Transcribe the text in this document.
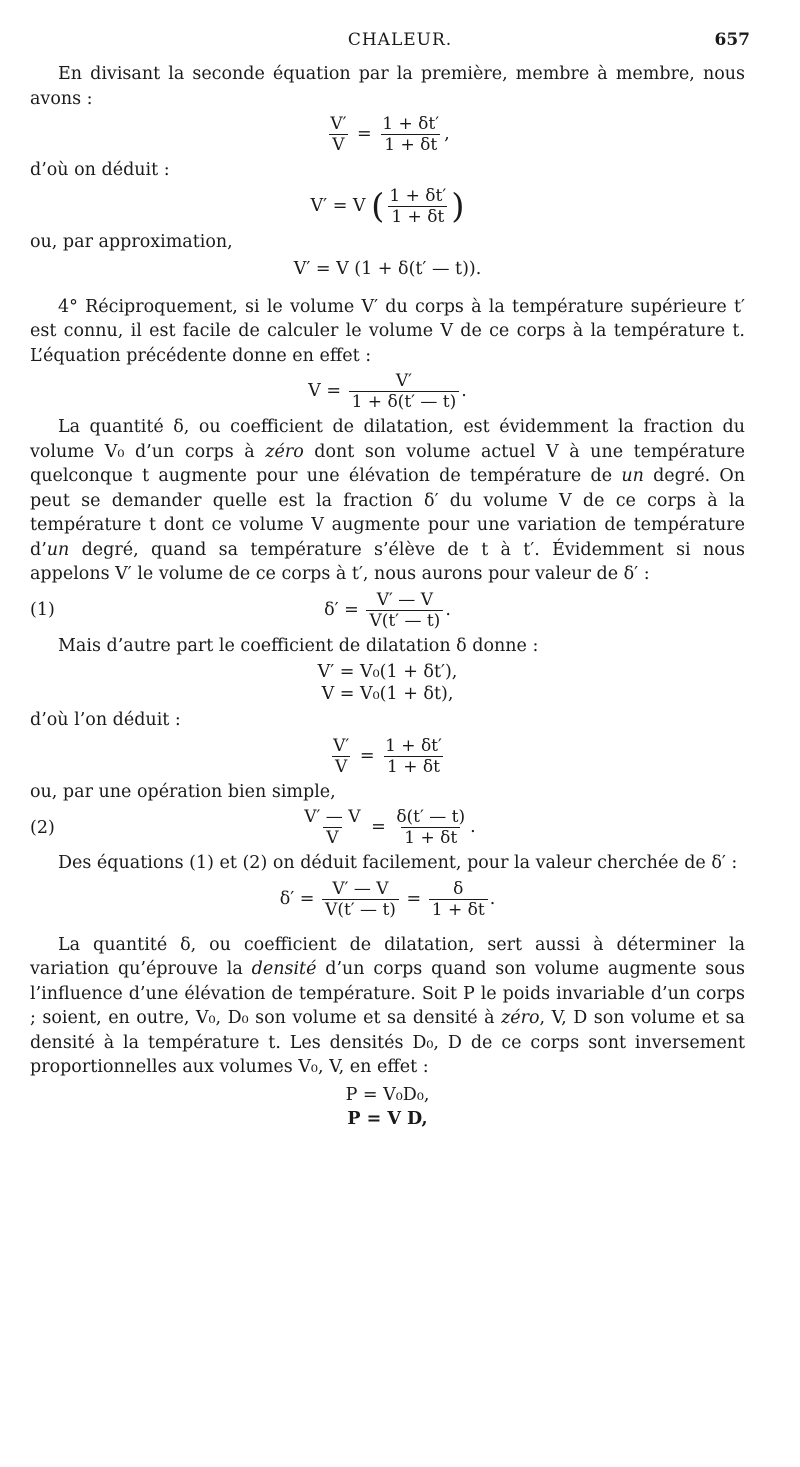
CHALEUR.	657

En divisant la seconde équation par la première, membre à membre, nous avons :

$\frac{V'}{V} = \frac{1 + \delta t'}{1 + \delta t}$ ,

d’où on déduit :

V′ = V ( $\frac{1 + \delta t'}{1 + \delta t}$ )

ou, par approximation,

V′ = V (1 + δ(t′ — t)).

4° Réciproquement, si le volume V′ du corps à la température supérieure t′ est connu, il est facile de calculer le volume V de ce corps à la température t. L’équation précédente donne en effet :

$V = \frac{V'}{1 + \delta(t' — t)}$ .

La quantité δ, ou coefficient de dilatation, est évidemment la fraction du volume V₀ d’un corps à zéro dont son volume actuel V à une température quelconque t augmente pour une élévation de température de un degré. On peut se demander quelle est la fraction δ′ du volume V de ce corps à la température t dont ce volume V augmente pour une variation de température d’un degré, quand sa température s’élève de t à t′. Évidemment si nous appelons V′ le volume de ce corps à t′, nous aurons pour valeur de δ′ :

(1)	$\delta' = \frac{V' — V}{V(t' — t)}$ .

Mais d’autre part le coefficient de dilatation δ donne :

V′ = V₀(1 + δt′),
V = V₀(1 + δt),

d’où l’on déduit :

$\frac{V'}{V} = \frac{1 + \delta t'}{1 + \delta t}$

ou, par une opération bien simple,

(2)	$\frac{V' — V}{V} = \frac{\delta(t' — t)}{1 + \delta t}$ .

Des équations (1) et (2) on déduit facilement, pour la valeur cherchée de δ′ :

$\delta' = \frac{V' — V}{V(t' — t)} = \frac{\delta}{1 + \delta t}$ .

La quantité δ, ou coefficient de dilatation, sert aussi à déterminer la variation qu’éprouve la densité d’un corps quand son volume augmente sous l’influence d’une élévation de température. Soit P le poids invariable d’un corps ; soient, en outre, V₀, D₀ son volume et sa densité à zéro, V, D son volume et sa densité à la température t. Les densités D₀, D de ce corps sont inversement proportionnelles aux volumes V₀, V, en effet :

P = V₀D₀,
P = V D,
